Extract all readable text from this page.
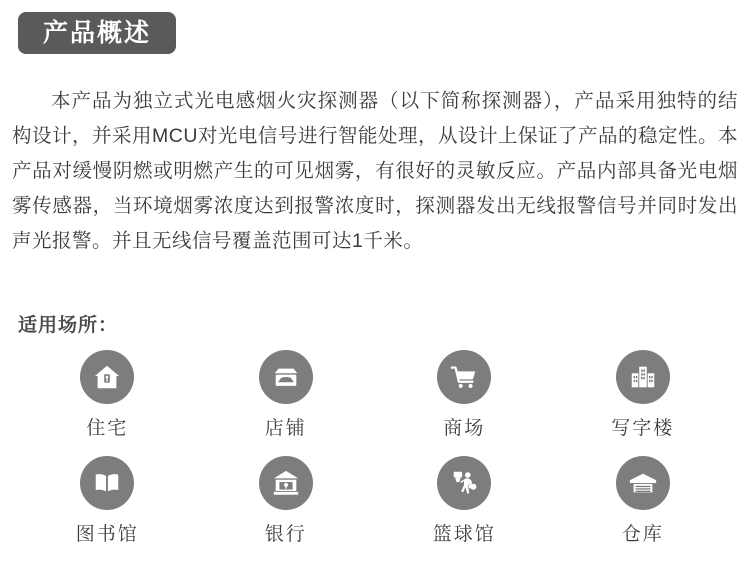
产品概述

本产品为独立式光电感烟火灾探测器（以下简称探测器），产品采用独特的结构设计，并采用MCU对光电信号进行智能处理，从设计上保证了产品的稳定性。本产品对缓慢阴燃或明燃产生的可见烟雾，有很好的灵敏反应。产品内部具备光电烟雾传感器，当环境烟雾浓度达到报警浓度时，探测器发出无线报警信号并同时发出声光报警。并且无线信号覆盖范围可达1千米。

适用场所：
住宅	店铺	商场	写字楼
图书馆	银行	篮球馆	仓库
